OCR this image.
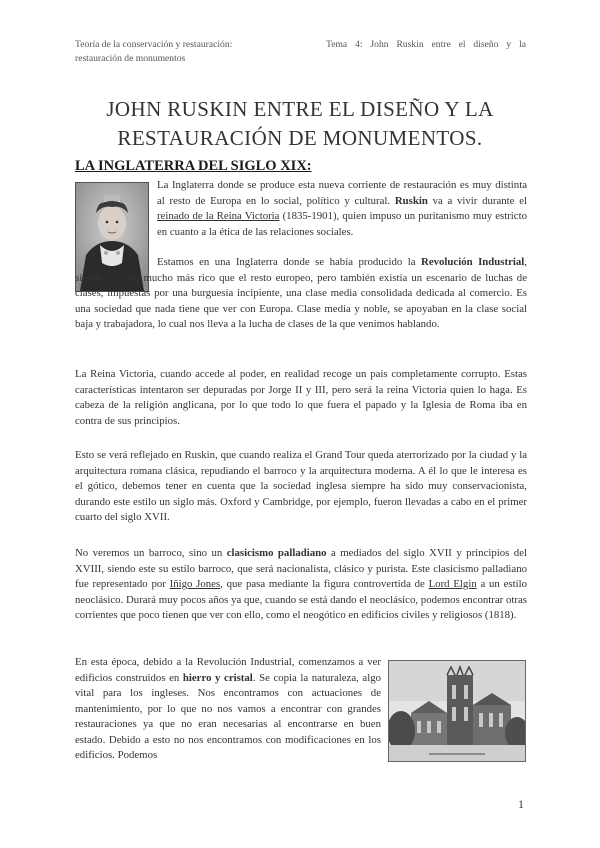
Teoría de la conservación y restauración:
restauración de monumentos
Tema 4: John Ruskin entre el diseño y la
JOHN RUSKIN ENTRE EL DISEÑO Y LA
RESTAURACIÓN DE MONUMENTOS.
LA INGLATERRA DEL SIGLO XIX:

La Inglaterra donde se produce esta nueva corriente de restauración es muy distinta al resto de Europa en lo social, político y cultural. Ruskin va a vivir durante el reinado de la Reina Victoria (1835-1901), quien impuso un puritanismo muy estricto en cuanto a la ética de las relaciones sociales.

Estamos en una Inglaterra donde se había producido la Revolución Industrial, siendo un país mucho más rico que el resto europeo, pero también existía un escenario de luchas de clases, impuestas por una burguesía incipiente, una clase media consolidada dedicada al comercio. Es una sociedad que nada tiene que ver con Europa. Clase media y noble, se apoyaban en la clase social baja y trabajadora, lo cual nos lleva a la lucha de clases de la que venimos hablando.

La Reina Victoria, cuando accede al poder, en realidad recoge un país completamente corrupto. Estas características intentaron ser depuradas por Jorge II y III, pero será la reina Victoria quien lo haga. Es cabeza de la religión anglicana, por lo que todo lo que fuera el papado y la Iglesia de Roma iba en contra de sus principios.

Esto se verá reflejado en Ruskin, que cuando realiza el Grand Tour queda aterrorizado por la ciudad y la arquitectura romana clásica, repudiando el barroco y la arquitectura moderna. A él lo que le interesa es el gótico, debemos tener en cuenta que la sociedad inglesa siempre ha sido muy conservacionista, durando este estilo un siglo más. Oxford y Cambridge, por ejemplo, fueron llevadas a cabo en el primer cuarto del siglo XVII.

No veremos un barroco, sino un clasicismo palladiano a mediados del siglo XVII y principios del XVIII, siendo este su estilo barroco, que será nacionalista, clásico y purista. Este clasicismo palladiano fue representado por Iñigo Jones, que pasa mediante la figura controvertida de Lord Elgin a un estilo neoclásico. Durará muy pocos años ya que, cuando se está dando el neoclásico, podemos encontrar otras corrientes que poco tienen que ver con ello, como el neogótico en edificios civiles y religiosos (1818).

En esta época, debido a la Revolución Industrial, comenzamos a ver edificios construidos en hierro y cristal. Se copia la naturaleza, algo vital para los ingleses. Nos encontramos con actuaciones de mantenimiento, por lo que no nos vamos a encontrar con grandes restauraciones ya que no eran necesarias al encontrarse en buen estado. Debido a esto no nos encontramos con modificaciones en los edificios. Podemos

1
